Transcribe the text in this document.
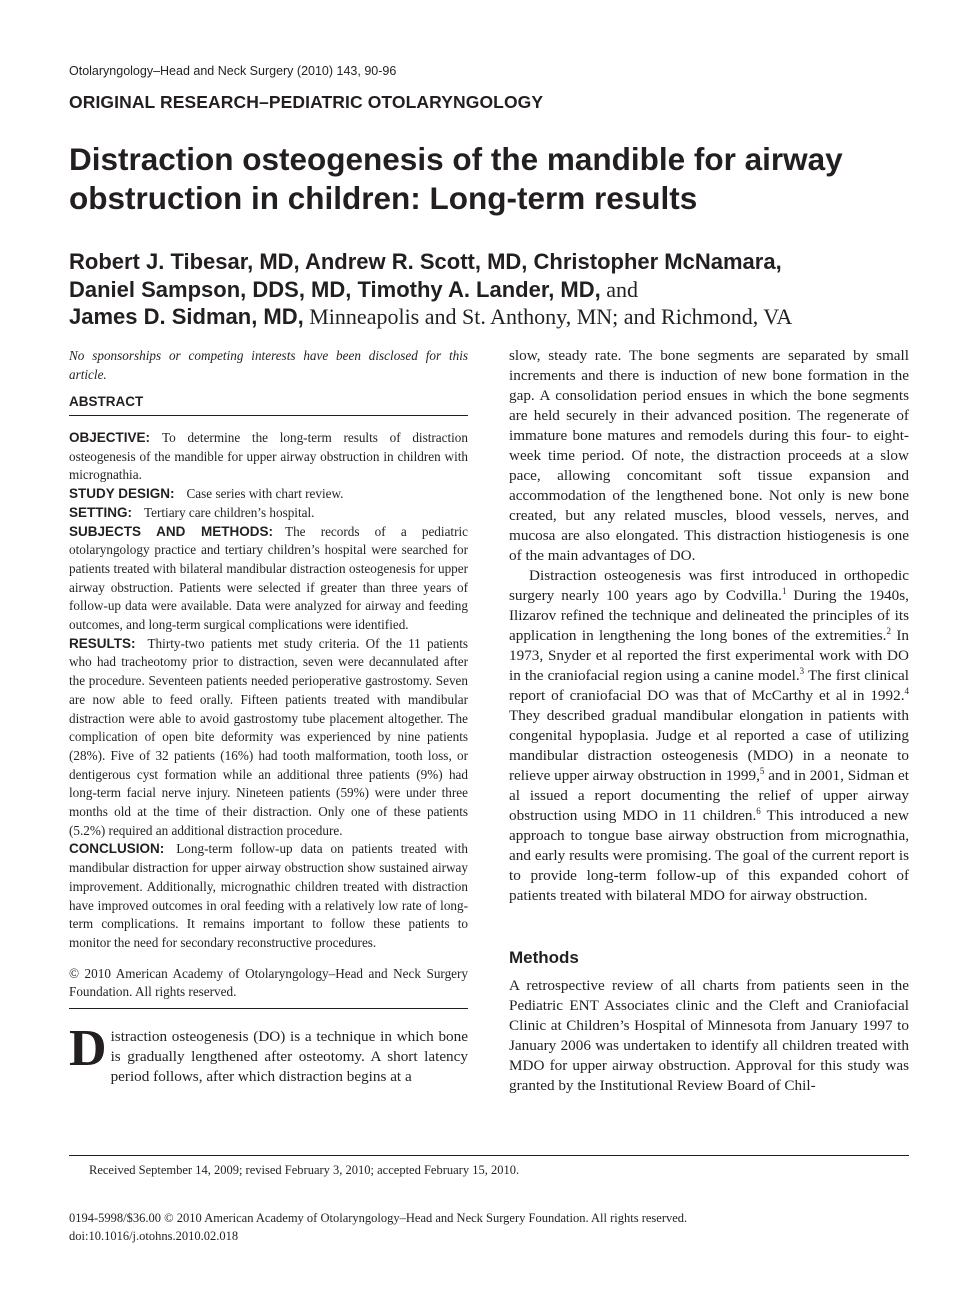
Otolaryngology–Head and Neck Surgery (2010) 143, 90-96
ORIGINAL RESEARCH–PEDIATRIC OTOLARYNGOLOGY
Distraction osteogenesis of the mandible for airway obstruction in children: Long-term results
Robert J. Tibesar, MD, Andrew R. Scott, MD, Christopher McNamara,
Daniel Sampson, DDS, MD, Timothy A. Lander, MD, and
James D. Sidman, MD, Minneapolis and St. Anthony, MN; and Richmond, VA

No sponsorships or competing interests have been disclosed for this article.

ABSTRACT

OBJECTIVE: To determine the long-term results of distraction osteogenesis of the mandible for upper airway obstruction in children with micrognathia.

STUDY DESIGN: Case series with chart review.

SETTING: Tertiary care children’s hospital.

SUBJECTS AND METHODS: The records of a pediatric otolaryngology practice and tertiary children’s hospital were searched for patients treated with bilateral mandibular distraction osteogenesis for upper airway obstruction. Patients were selected if greater than three years of follow-up data were available. Data were analyzed for airway and feeding outcomes, and long-term surgical complications were identified.

RESULTS: Thirty-two patients met study criteria. Of the 11 patients who had tracheotomy prior to distraction, seven were decannulated after the procedure. Seventeen patients needed perioperative gastrostomy. Seven are now able to feed orally. Fifteen patients treated with mandibular distraction were able to avoid gastrostomy tube placement altogether. The complication of open bite deformity was experienced by nine patients (28%). Five of 32 patients (16%) had tooth malformation, tooth loss, or dentigerous cyst formation while an additional three patients (9%) had long-term facial nerve injury. Nineteen patients (59%) were under three months old at the time of their distraction. Only one of these patients (5.2%) required an additional distraction procedure.

CONCLUSION: Long-term follow-up data on patients treated with mandibular distraction for upper airway obstruction show sustained airway improvement. Additionally, micrognathic children treated with distraction have improved outcomes in oral feeding with a relatively low rate of long-term complications. It remains important to follow these patients to monitor the need for secondary reconstructive procedures.

© 2010 American Academy of Otolaryngology–Head and Neck Surgery Foundation. All rights reserved.

Distraction osteogenesis (DO) is a technique in which bone is gradually lengthened after osteotomy. A short latency period follows, after which distraction begins at a

slow, steady rate. The bone segments are separated by small increments and there is induction of new bone formation in the gap. A consolidation period ensues in which the bone segments are held securely in their advanced position. The regenerate of immature bone matures and remodels during this four- to eight-week time period. Of note, the distraction proceeds at a slow pace, allowing concomitant soft tissue expansion and accommodation of the lengthened bone. Not only is new bone created, but any related muscles, blood vessels, nerves, and mucosa are also elongated. This distraction histiogenesis is one of the main advantages of DO.

Distraction osteogenesis was first introduced in orthopedic surgery nearly 100 years ago by Codvilla.$^1$ During the 1940s, Ilizarov refined the technique and delineated the principles of its application in lengthening the long bones of the extremities.$^2$ In 1973, Snyder et al reported the first experimental work with DO in the craniofacial region using a canine model.$^3$ The first clinical report of craniofacial DO was that of McCarthy et al in 1992.$^4$ They described gradual mandibular elongation in patients with congenital hypoplasia. Judge et al reported a case of utilizing mandibular distraction osteogenesis (MDO) in a neonate to relieve upper airway obstruction in 1999,$^5$ and in 2001, Sidman et al issued a report documenting the relief of upper airway obstruction using MDO in 11 children.$^6$ This introduced a new approach to tongue base airway obstruction from micrognathia, and early results were promising. The goal of the current report is to provide long-term follow-up of this expanded cohort of patients treated with bilateral MDO for airway obstruction.

Methods

A retrospective review of all charts from patients seen in the Pediatric ENT Associates clinic and the Cleft and Craniofacial Clinic at Children’s Hospital of Minnesota from January 1997 to January 2006 was undertaken to identify all children treated with MDO for upper airway obstruction. Approval for this study was granted by the Institutional Review Board of Chil-

Received September 14, 2009; revised February 3, 2010; accepted February 15, 2010.
0194-5998/$36.00 © 2010 American Academy of Otolaryngology–Head and Neck Surgery Foundation. All rights reserved.
doi:10.1016/j.otohns.2010.02.018
